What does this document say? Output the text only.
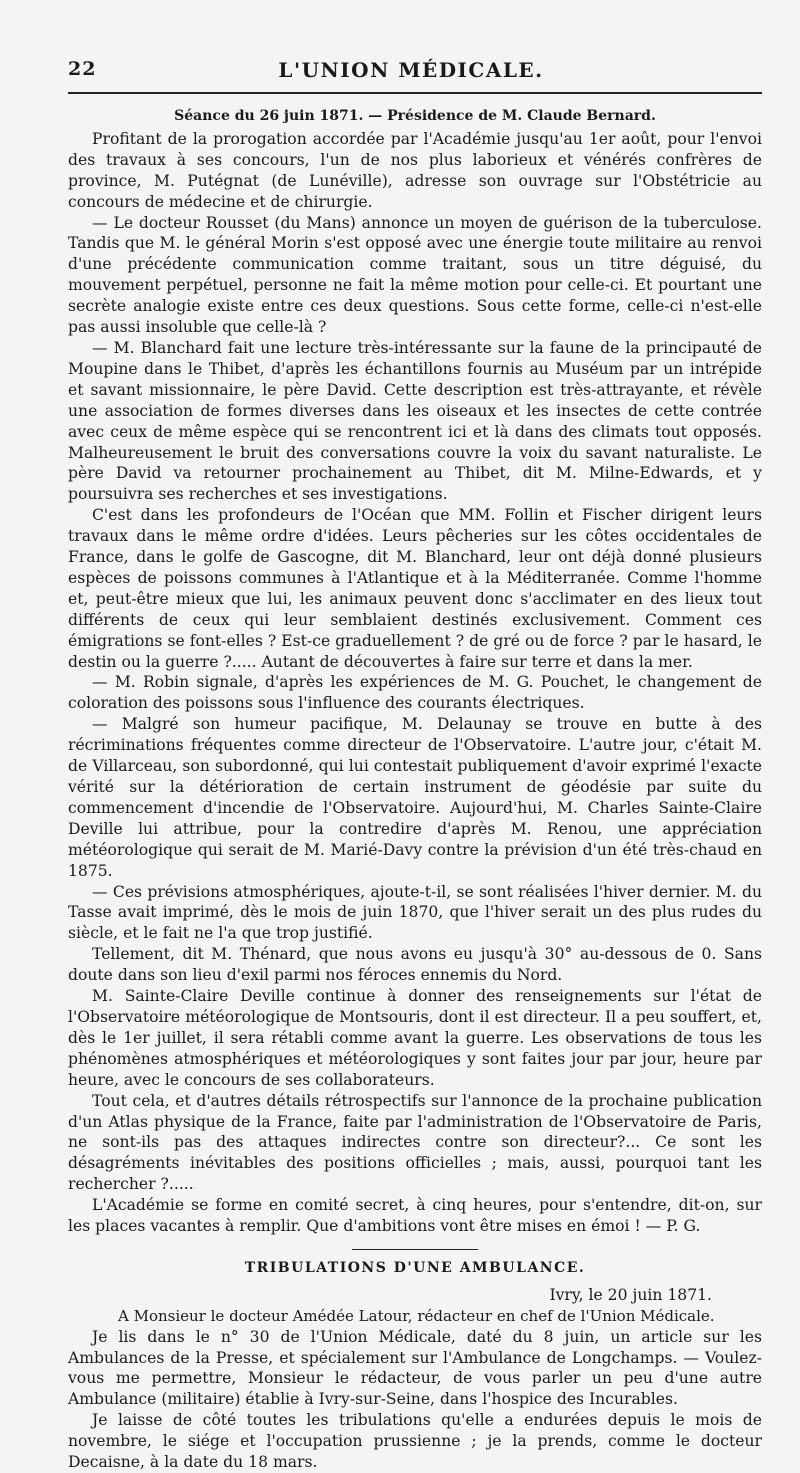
22	L'UNION MÉDICALE.
Séance du 26 juin 1871. — Présidence de M. Claude Bernard.

Profitant de la prorogation accordée par l'Académie jusqu'au 1er août, pour l'envoi des travaux à ses concours, l'un de nos plus laborieux et vénérés confrères de province, M. Putégnat (de Lunéville), adresse son ouvrage sur l'Obstétricie au concours de médecine et de chirurgie.

— Le docteur Rousset (du Mans) annonce un moyen de guérison de la tuberculose. Tandis que M. le général Morin s'est opposé avec une énergie toute militaire au renvoi d'une précédente communication comme traitant, sous un titre déguisé, du mouvement perpétuel, personne ne fait la même motion pour celle-ci. Et pourtant une secrète analogie existe entre ces deux questions. Sous cette forme, celle-ci n'est-elle pas aussi insoluble que celle-là ?

— M. Blanchard fait une lecture très-intéressante sur la faune de la principauté de Moupine dans le Thibet, d'après les échantillons fournis au Muséum par un intrépide et savant missionnaire, le père David. Cette description est très-attrayante, et révèle une association de formes diverses dans les oiseaux et les insectes de cette contrée avec ceux de même espèce qui se rencontrent ici et là dans des climats tout opposés. Malheureusement le bruit des conversations couvre la voix du savant naturaliste. Le père David va retourner prochainement au Thibet, dit M. Milne-Edwards, et y poursuivra ses recherches et ses investigations.

C'est dans les profondeurs de l'Océan que MM. Follin et Fischer dirigent leurs travaux dans le même ordre d'idées. Leurs pêcheries sur les côtes occidentales de France, dans le golfe de Gascogne, dit M. Blanchard, leur ont déjà donné plusieurs espèces de poissons communes à l'Atlantique et à la Méditerranée. Comme l'homme et, peut-être mieux que lui, les animaux peuvent donc s'acclimater en des lieux tout différents de ceux qui leur semblaient destinés exclusivement. Comment ces émigrations se font-elles ? Est-ce graduellement ? de gré ou de force ? par le hasard, le destin ou la guerre ?..... Autant de découvertes à faire sur terre et dans la mer.

— M. Robin signale, d'après les expériences de M. G. Pouchet, le changement de coloration des poissons sous l'influence des courants électriques.

— Malgré son humeur pacifique, M. Delaunay se trouve en butte à des récriminations fréquentes comme directeur de l'Observatoire. L'autre jour, c'était M. de Villarceau, son subordonné, qui lui contestait publiquement d'avoir exprimé l'exacte vérité sur la détérioration de certain instrument de géodésie par suite du commencement d'incendie de l'Observatoire. Aujourd'hui, M. Charles Sainte-Claire Deville lui attribue, pour la contredire d'après M. Renou, une appréciation météorologique qui serait de M. Marié-Davy contre la prévision d'un été très-chaud en 1875.

— Ces prévisions atmosphériques, ajoute-t-il, se sont réalisées l'hiver dernier. M. du Tasse avait imprimé, dès le mois de juin 1870, que l'hiver serait un des plus rudes du siècle, et le fait ne l'a que trop justifié.

Tellement, dit M. Thénard, que nous avons eu jusqu'à 30° au-dessous de 0. Sans doute dans son lieu d'exil parmi nos féroces ennemis du Nord.

M. Sainte-Claire Deville continue à donner des renseignements sur l'état de l'Observatoire météorologique de Montsouris, dont il est directeur. Il a peu souffert, et, dès le 1er juillet, il sera rétabli comme avant la guerre. Les observations de tous les phénomènes atmosphériques et météorologiques y sont faites jour par jour, heure par heure, avec le concours de ses collaborateurs.

Tout cela, et d'autres détails rétrospectifs sur l'annonce de la prochaine publication d'un Atlas physique de la France, faite par l'administration de l'Observatoire de Paris, ne sont-ils pas des attaques indirectes contre son directeur?... Ce sont les désagréments inévitables des positions officielles ; mais, aussi, pourquoi tant les rechercher ?.....

L'Académie se forme en comité secret, à cinq heures, pour s'entendre, dit-on, sur les places vacantes à remplir. Que d'ambitions vont être mises en émoi ! — P. G.

TRIBULATIONS D'UNE AMBULANCE.

Ivry, le 20 juin 1871.

A Monsieur le docteur Amédée Latour, rédacteur en chef de l'Union Médicale.

Je lis dans le n° 30 de l'Union Médicale, daté du 8 juin, un article sur les Ambulances de la Presse, et spécialement sur l'Ambulance de Longchamps. — Voulez-vous me permettre, Monsieur le rédacteur, de vous parler un peu d'une autre Ambulance (militaire) établie à Ivry-sur-Seine, dans l'hospice des Incurables.

Je laisse de côté toutes les tribulations qu'elle a endurées depuis le mois de novembre, le siége et l'occupation prussienne ; je la prends, comme le docteur Decaisne, à la date du 18 mars.
